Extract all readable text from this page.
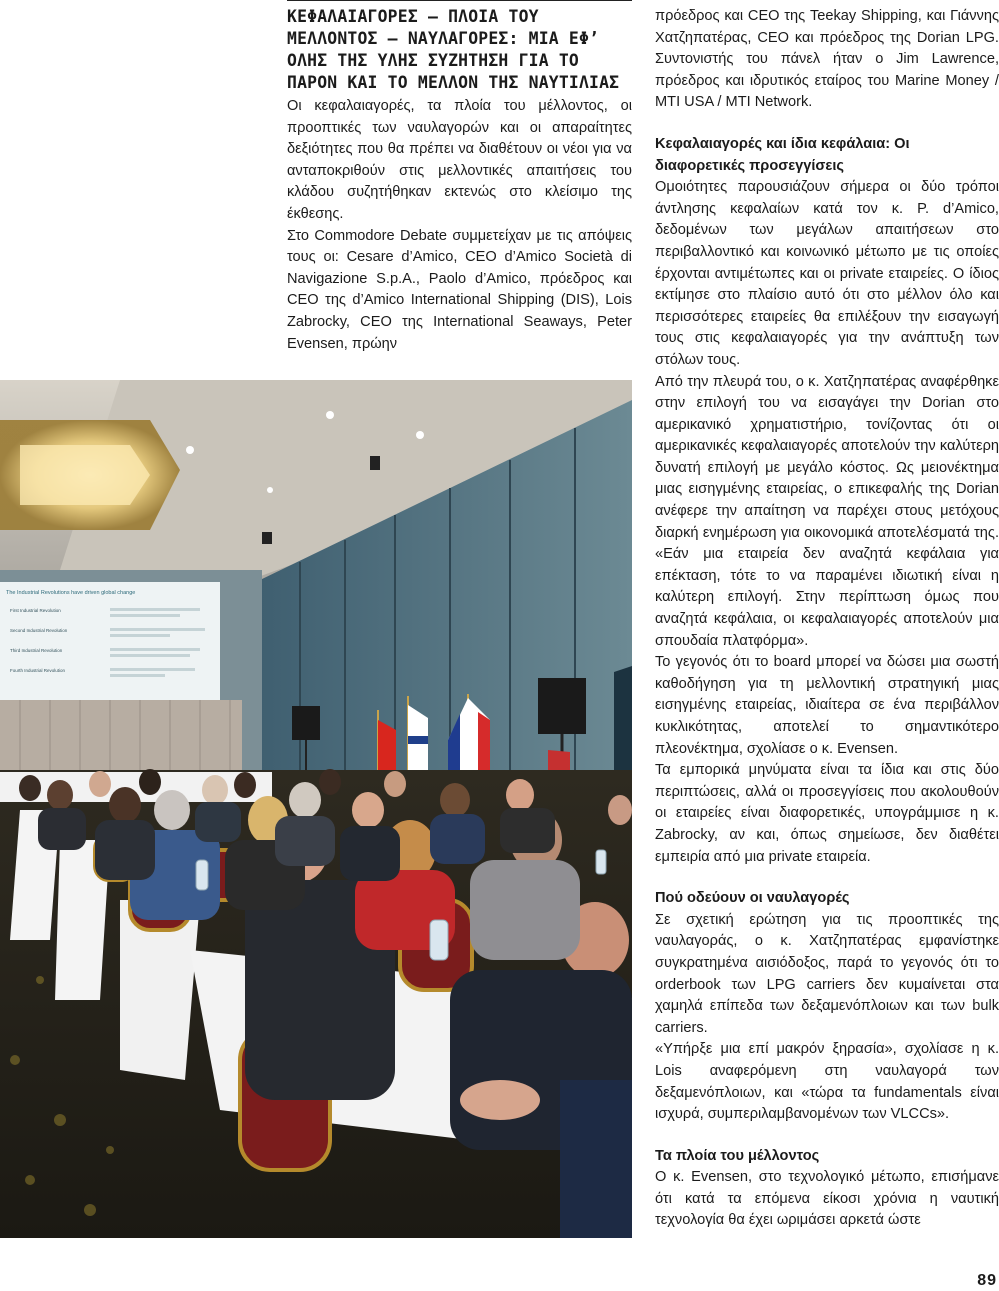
ΚΕΦΑΛΑΙΑΓΟΡΕΣ – ΠΛΟΙΑ ΤΟΥ ΜΕΛΛΟΝΤΟΣ – ΝΑΥΛΑΓΟΡΕΣ: ΜΙΑ ΕΦ’ ΟΛΗΣ ΤΗΣ ΥΛΗΣ ΣΥΖΗΤΗΣΗ ΓΙΑ ΤΟ ΠΑΡΟΝ ΚΑΙ ΤΟ ΜΕΛΛΟΝ ΤΗΣ ΝΑΥΤΙΛΙΑΣ

Οι κεφαλαιαγορές, τα πλοία του μέλλοντος, οι προοπτικές των ναυλαγορών και οι απαραίτητες δεξιότητες που θα πρέπει να διαθέτουν οι νέοι για να ανταποκριθούν στις μελλοντικές απαιτήσεις του κλάδου συζητήθηκαν εκτενώς στο κλείσιμο της έκθεσης.

Στο Commodore Debate συμμετείχαν με τις απόψεις τους οι: Cesare d’Amico, CEO d’Amico Società di Navigazione S.p.A., Paolo d’Amico, πρόεδρος και CEO της d’Amico International Shipping (DIS), Lois Zabrocky, CEO της International Seaways, Peter Evensen, πρώην

The Industrial Revolutions have driven global change
First Industrial Revolution
Second Industrial Revolution
Third Industrial Revolution
Fourth Industrial Revolution

πρόεδρος και CEO της Teekay Shipping, και Γιάννης Χατζηπατέρας, CEO και πρόεδρος της Dorian LPG. Συντονιστής του πάνελ ήταν ο Jim Lawrence, πρόεδρος και ιδρυτικός εταίρος του Marine Money / MTI USA / MTI Network.

Κεφαλαιαγορές και ίδια κεφάλαια: Οι διαφορετικές προσεγγίσεις

Ομοιότητες παρουσιάζουν σήμερα οι δύο τρόποι άντλησης κεφαλαίων κατά τον κ. P. d’Amico, δεδομένων των μεγάλων απαιτήσεων στο περιβαλλοντικό και κοινωνικό μέτωπο με τις οποίες έρχονται αντιμέτωπες και οι private εταιρείες. Ο ίδιος εκτίμησε στο πλαίσιο αυτό ότι στο μέλλον όλο και περισσότερες εταιρείες θα επιλέξουν την εισαγωγή τους στις κεφαλαιαγορές για την ανάπτυξη των στόλων τους.

Από την πλευρά του, ο κ. Χατζηπατέρας αναφέρθηκε στην επιλογή του να εισαγάγει την Dorian στο αμερικανικό χρηματιστήριο, τονίζοντας ότι οι αμερικανικές κεφαλαιαγορές αποτελούν την καλύτερη δυνατή επιλογή με μεγάλο κόστος. Ως μειονέκτημα μιας εισηγμένης εταιρείας, ο επικεφαλής της Dorian ανέφερε την απαίτηση να παρέχει στους μετόχους διαρκή ενημέρωση για οικονομικά αποτελέσματά της. «Εάν μια εταιρεία δεν αναζητά κεφάλαια για επέκταση, τότε το να παραμένει ιδιωτική είναι η καλύτερη επιλογή. Στην περίπτωση όμως που αναζητά κεφάλαια, οι κεφαλαιαγορές αποτελούν μια σπουδαία πλατφόρμα».

Το γεγονός ότι το board μπορεί να δώσει μια σωστή καθοδήγηση για τη μελλοντική στρατηγική μιας εισηγμένης εταιρείας, ιδιαίτερα σε ένα περιβάλλον κυκλικότητας, αποτελεί το σημαντικότερο πλεονέκτημα, σχολίασε ο κ. Evensen.

Τα εμπορικά μηνύματα είναι τα ίδια και στις δύο περιπτώσεις, αλλά οι προσεγγίσεις που ακολουθούν οι εταιρείες είναι διαφορετικές, υπογράμμισε η κ. Zabrocky, αν και, όπως σημείωσε, δεν διαθέτει εμπειρία από μια private εταιρεία.

Πού οδεύουν οι ναυλαγορές

Σε σχετική ερώτηση για τις προοπτικές της ναυλαγοράς, ο κ. Χατζηπατέρας εμφανίστηκε συγκρατημένα αισιόδοξος, παρά το γεγονός ότι το orderbook των LPG carriers δεν κυμαίνεται στα χαμηλά επίπεδα των δεξαμενόπλοιων και των bulk carriers.

«Υπήρξε μια επί μακρόν ξηρασία», σχολίασε η κ. Lois αναφερόμενη στη ναυλαγορά των δεξαμενόπλοιων, και «τώρα τα fundamentals είναι ισχυρά, συμπεριλαμβανομένων των VLCCs».

Τα πλοία του μέλλοντος

Ο κ. Evensen, στο τεχνολογικό μέτωπο, επισήμανε ότι κατά τα επόμενα είκοσι χρόνια η ναυτική τεχνολογία θα έχει ωριμάσει αρκετά ώστε

89
